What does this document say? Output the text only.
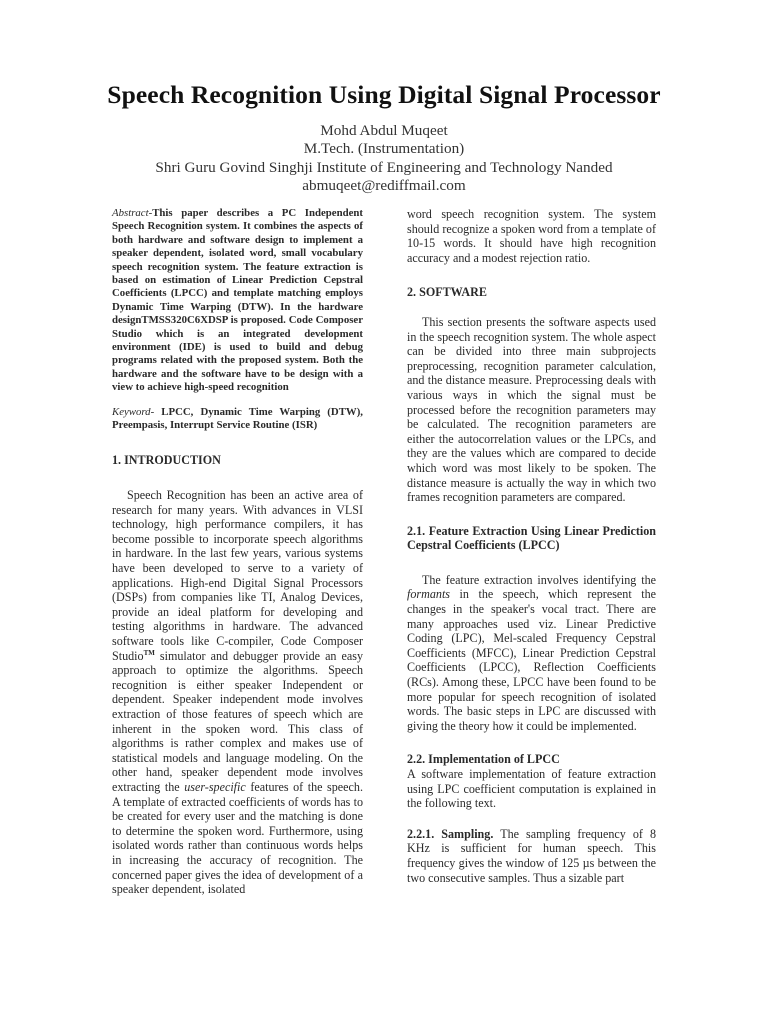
Speech Recognition Using Digital Signal Processor
Mohd Abdul Muqeet
M.Tech. (Instrumentation)
Shri Guru Govind Singhji Institute of Engineering and Technology Nanded
abmuqeet@rediffmail.com

Abstract-This paper describes a PC Independent Speech Recognition system. It combines the aspects of both hardware and software design to implement a speaker dependent, isolated word, small vocabulary speech recognition system. The feature extraction is based on estimation of Linear Prediction Cepstral Coefficients (LPCC) and template matching employs Dynamic Time Warping (DTW). In the hardware designTMSS320C6XDSP is proposed. Code Composer Studio which is an integrated development environment (IDE) is used to build and debug programs related with the proposed system. Both the hardware and the software have to be design with a view to achieve high-speed recognition

Keyword- LPCC, Dynamic Time Warping (DTW), Preempasis, Interrupt Service Routine (ISR)

1. INTRODUCTION

Speech Recognition has been an active area of research for many years. With advances in VLSI technology, high performance compilers, it has become possible to incorporate speech algorithms in hardware. In the last few years, various systems have been developed to serve to a variety of applications. High-end Digital Signal Processors (DSPs) from companies like TI, Analog Devices, provide an ideal platform for developing and testing algorithms in hardware. The advanced software tools like C-compiler, Code Composer Studio™ simulator and debugger provide an easy approach to optimize the algorithms. Speech recognition is either speaker Independent or dependent. Speaker independent mode involves extraction of those features of speech which are inherent in the spoken word. This class of algorithms is rather complex and makes use of statistical models and language modeling. On the other hand, speaker dependent mode involves extracting the user-specific features of the speech. A template of extracted coefficients of words has to be created for every user and the matching is done to determine the spoken word. Furthermore, using isolated words rather than continuous words helps in increasing the accuracy of recognition. The concerned paper gives the idea of development of a speaker dependent, isolated

word speech recognition system. The system should recognize a spoken word from a template of 10-15 words. It should have high recognition accuracy and a modest rejection ratio.

2. SOFTWARE

This section presents the software aspects used in the speech recognition system. The whole aspect can be divided into three main subprojects preprocessing, recognition parameter calculation, and the distance measure. Preprocessing deals with various ways in which the signal must be processed before the recognition parameters may be calculated. The recognition parameters are either the autocorrelation values or the LPCs, and they are the values which are compared to decide which word was most likely to be spoken. The distance measure is actually the way in which two frames recognition parameters are compared.

2.1. Feature Extraction Using Linear Prediction Cepstral Coefficients (LPCC)

The feature extraction involves identifying the formants in the speech, which represent the changes in the speaker's vocal tract. There are many approaches used viz. Linear Predictive Coding (LPC), Mel-scaled Frequency Cepstral Coefficients (MFCC), Linear Prediction Cepstral Coefficients (LPCC), Reflection Coefficients (RCs). Among these, LPCC have been found to be more popular for speech recognition of isolated words. The basic steps in LPC are discussed with giving the theory how it could be implemented.

2.2. Implementation of LPCC

A software implementation of feature extraction using LPC coefficient computation is explained in the following text.

2.2.1. Sampling. The sampling frequency of 8 KHz is sufficient for human speech. This frequency gives the window of 125 µs between the two consecutive samples. Thus a sizable part
